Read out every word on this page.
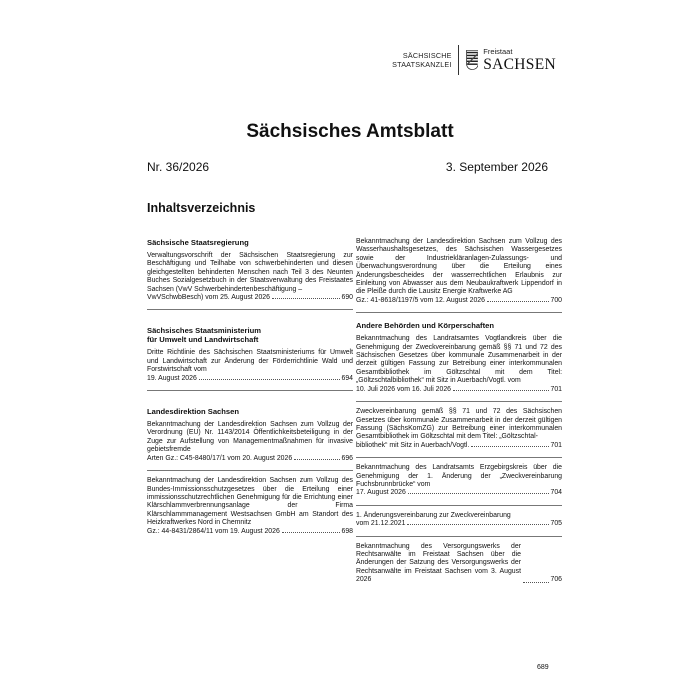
SÄCHSISCHE
STAATSKANZLEI
Freistaat
SACHSEN
Sächsisches Amtsblatt
Nr. 36/2026	3. September 2026
Inhaltsverzeichnis
Sächsische Staatsregierung
Verwaltungsvorschrift der Sächsischen Staatsregierung zur Beschäftigung und Teilhabe von schwerbehinderten und diesen gleichgestellten behinderten Menschen nach Teil 3 des Neunten Buches Sozialgesetzbuch in der Staatsverwaltung des Freistaates Sachsen (VwV Schwerbehindertenbeschäftigung –
VwVSchwbBesch) vom 25. August 2026	690
Sächsisches Staatsministerium
für Umwelt und Landwirtschaft
Dritte Richtlinie des Sächsischen Staatsministeriums für Umwelt und Landwirtschaft zur Änderung der Förderrichtlinie Wald und Forstwirtschaft vom
19. August 2026	694
Landesdirektion Sachsen
Bekanntmachung der Landesdirektion Sachsen zum Vollzug der Verordnung (EU) Nr. 1143/2014 Öffentlichkeitsbeteiligung in der Zuge zur Aufstellung von Managementmaßnahmen für invasive gebietsfremde
Arten Gz.: C45-8480/17/1 vom 20. August 2026	696
Bekanntmachung der Landesdirektion Sachsen zum Vollzug des Bundes-Immissionsschutzgesetzes über die Erteilung einer immissionsschutzrechtlichen Genehmigung für die Errichtung einer Klärschlammverbrennungsanlage der Firma Klärschlammmanagement Westsachsen GmbH am Standort des Heizkraftwerkes Nord in Chemnitz
Gz.: 44-8431/2864/11 vom 19. August 2026	698
Bekanntmachung der Landesdirektion Sachsen zum Vollzug des Wasserhaushaltsgesetzes, des Sächsischen Wassergesetzes sowie der Industriekläranlagen-Zulassungs- und Überwachungsverordnung über die Erteilung eines Änderungsbescheides der wasserrechtlichen Erlaubnis zur Einleitung von Abwasser aus dem Neubaukraftwerk Lippendorf in die Pleiße durch die Lausitz Energie Kraftwerke AG
Gz.: 41-8618/1197/5 vom 12. August 2026	700
Andere Behörden und Körperschaften
Bekanntmachung des Landratsamtes Vogtlandkreis über die Genehmigung der Zweckvereinbarung gemäß §§ 71 und 72 des Sächsischen Gesetzes über kommunale Zusammenarbeit in der derzeit gültigen Fassung zur Betreibung einer interkommunalen Gesamtbibliothek im Göltzschtal mit dem Titel: „Göltzschtalbibliothek“ mit Sitz in Auerbach/Vogtl. vom
10. Juli 2026 vom 16. Juli 2026	701
Zweckvereinbarung gemäß §§ 71 und 72 des Sächsischen Gesetzes über kommunale Zusammenarbeit in der derzeit gültigen Fassung (SächsKomZG) zur Betreibung einer interkommunalen Gesamtbibliothek im Göltzschtal mit dem Titel: „Göltzschtal-
bibliothek“ mit Sitz in Auerbach/Vogtl.	701
Bekanntmachung des Landratsamts Erzgebirgskreis über die Genehmigung der 1. Änderung der „Zweckvereinbarung Fuchsbrunnbrücke“ vom
17. August 2026	704
1. Änderungsvereinbarung zur Zweckvereinbarung
vom 21.12.2021	705
Bekanntmachung des Versorgungswerks der Rechtsanwälte im Freistaat Sachsen über die Änderungen der Satzung des Versorgungswerks der Rechtsanwälte im Freistaat Sachsen vom 3. August 2026	706
689
